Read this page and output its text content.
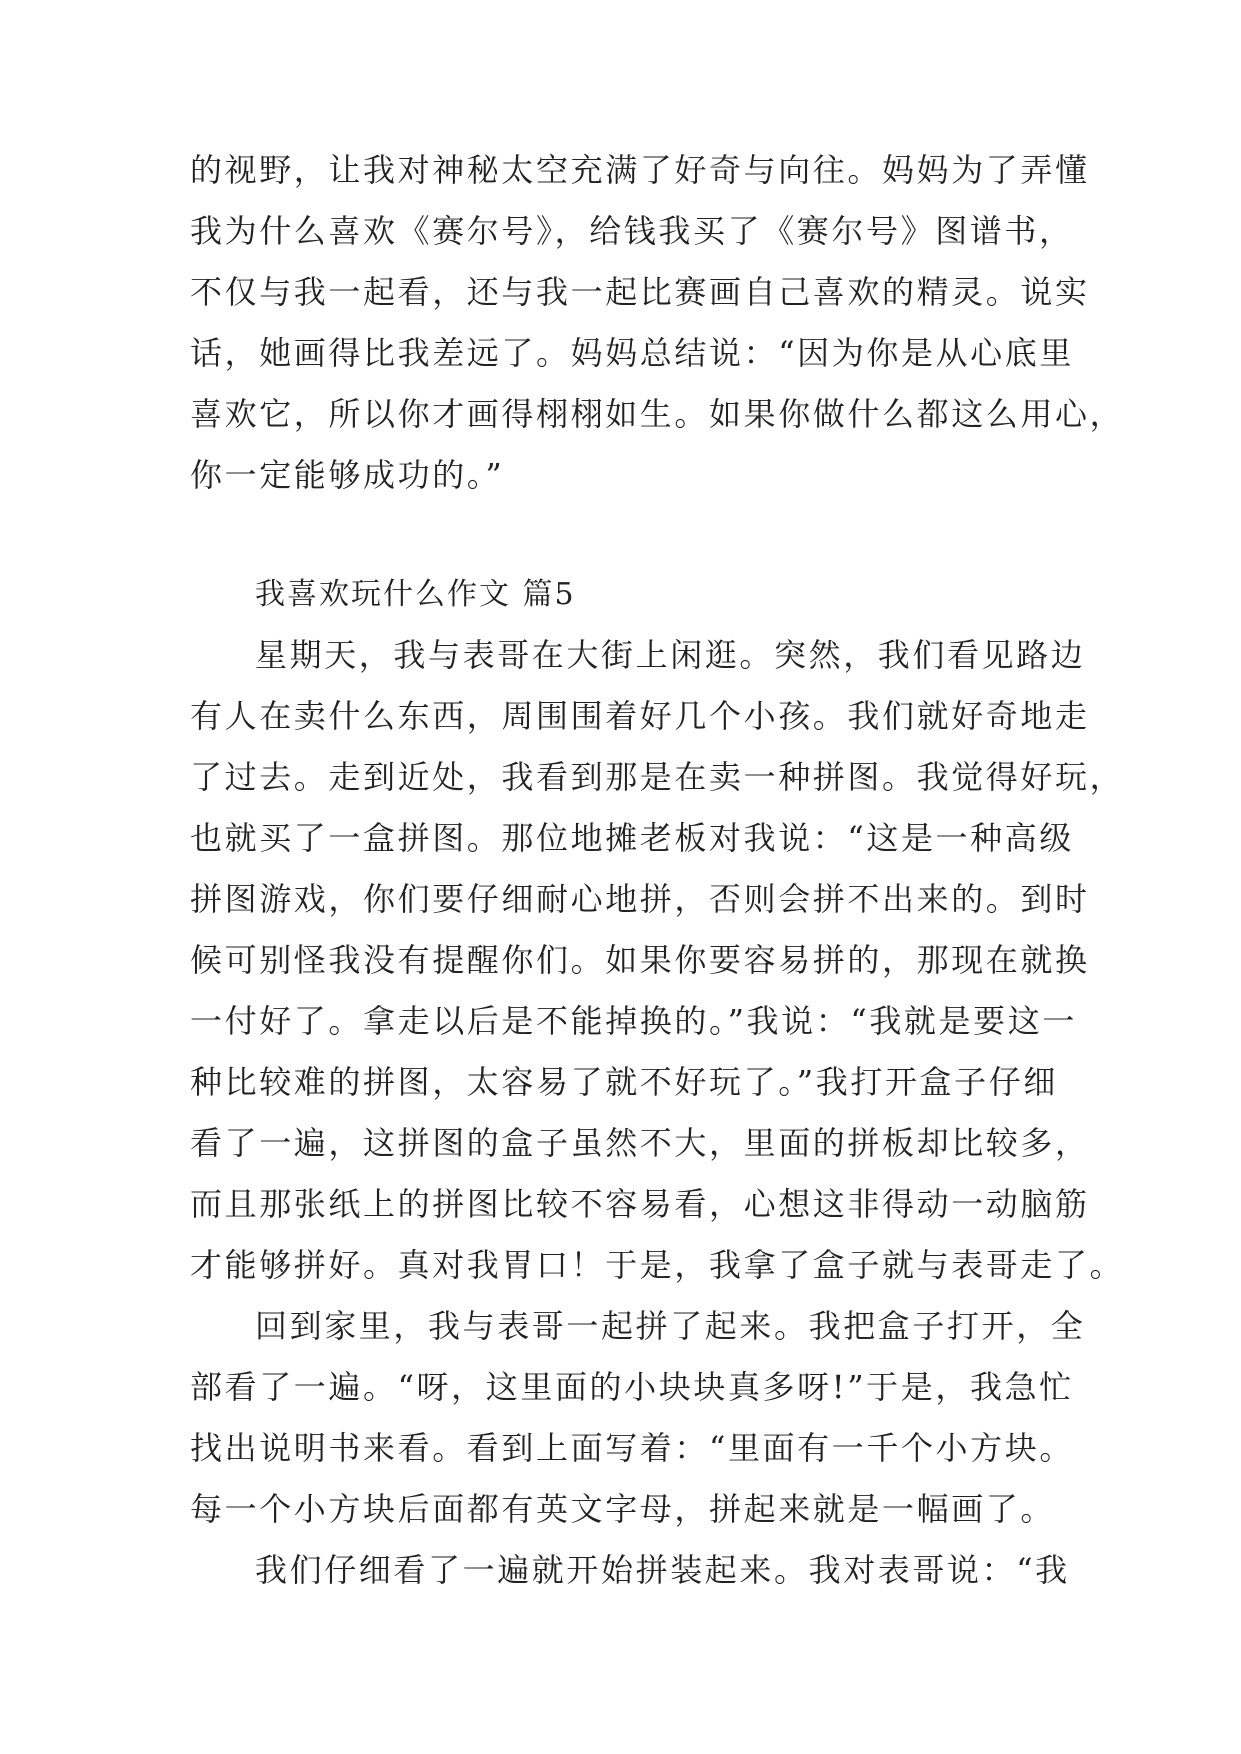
的视野，让我对神秘太空充满了好奇与向往。妈妈为了弄懂
我为什么喜欢《赛尔号》，给钱我买了《赛尔号》图谱书，
不仅与我一起看，还与我一起比赛画自己喜欢的精灵。说实
话，她画得比我差远了。妈妈总结说：“因为你是从心底里
喜欢它，所以你才画得栩栩如生。如果你做什么都这么用心，
你一定能够成功的。”
我喜欢玩什么作文 篇5
星期天，我与表哥在大街上闲逛。突然，我们看见路边
有人在卖什么东西，周围围着好几个小孩。我们就好奇地走
了过去。走到近处，我看到那是在卖一种拼图。我觉得好玩，
也就买了一盒拼图。那位地摊老板对我说：“这是一种高级
拼图游戏，你们要仔细耐心地拼，否则会拼不出来的。到时
候可别怪我没有提醒你们。如果你要容易拼的，那现在就换
一付好了。拿走以后是不能掉换的。”我说：“我就是要这一
种比较难的拼图，太容易了就不好玩了。”我打开盒子仔细
看了一遍，这拼图的盒子虽然不大，里面的拼板却比较多，
而且那张纸上的拼图比较不容易看，心想这非得动一动脑筋
才能够拼好。真对我胃口！于是，我拿了盒子就与表哥走了。
回到家里，我与表哥一起拼了起来。我把盒子打开，全
部看了一遍。“呀，这里面的小块块真多呀!”于是，我急忙
找出说明书来看。看到上面写着：“里面有一千个小方块。
每一个小方块后面都有英文字母，拼起来就是一幅画了。
我们仔细看了一遍就开始拼装起来。我对表哥说：“我
